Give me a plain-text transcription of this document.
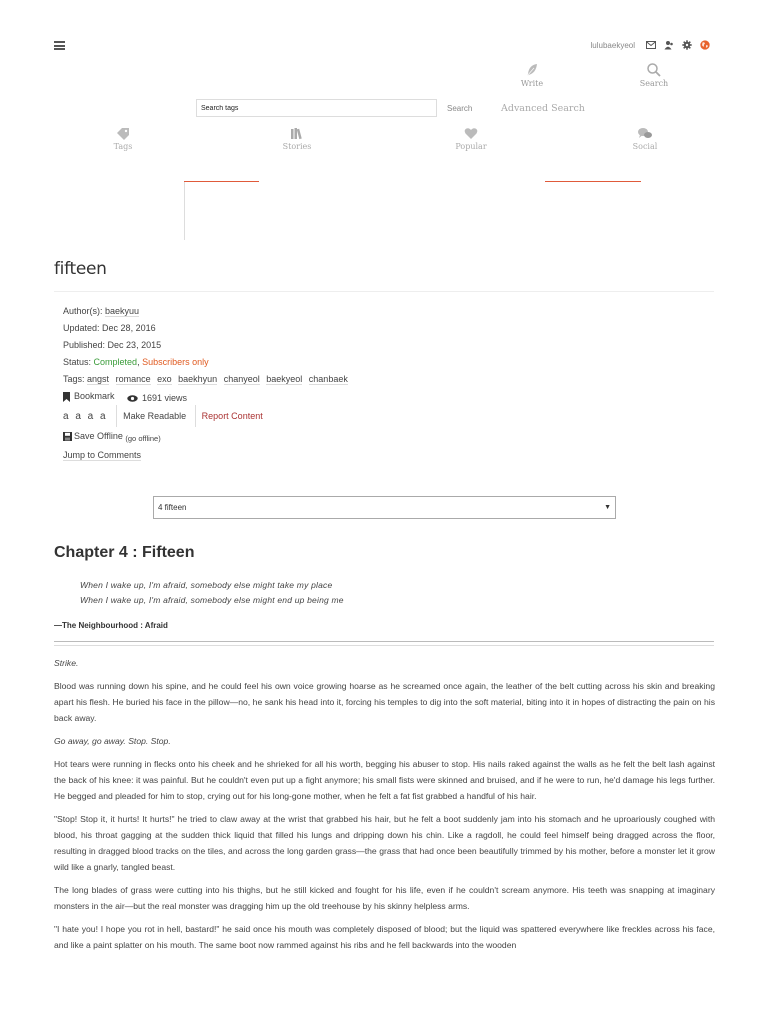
lulubaekyeol
Write	Search
Search tags
Search	Advanced Search
Tags	Stories	Popular	Social
fifteen
Author(s): baekyuu
Updated: Dec 28, 2016
Published: Dec 23, 2015
Status: Completed, Subscribers only
Tags: angst romance exo baekhyun chanyeol baekyeol chanbaek
Bookmark
	1691 views
a a a a Make Readable Report Content
Save Offline (go offline)
Jump to Comments
4 fifteen	▼
Chapter 4 : Fifteen
When I wake up, I'm afraid, somebody else might take my place
When I wake up, I'm afraid, somebody else might end up being me
—The Neighbourhood : Afraid

Strike.

Blood was running down his spine, and he could feel his own voice growing hoarse as he screamed once again, the leather of the belt cutting across his skin and breaking apart his flesh. He buried his face in the pillow—no, he sank his head into it, forcing his temples to dig into the soft material, biting into it in hopes of distracting the pain on his back away.

Go away, go away. Stop. Stop.

Hot tears were running in flecks onto his cheek and he shrieked for all his worth, begging his abuser to stop. His nails raked against the walls as he felt the belt lash against the back of his knee: it was painful. But he couldn't even put up a fight anymore; his small fists were skinned and bruised, and if he were to run, he'd damage his legs further. He begged and pleaded for him to stop, crying out for his long-gone mother, when he felt a fat fist grabbed a handful of his hair.

"Stop! Stop it, it hurts! It hurts!" he tried to claw away at the wrist that grabbed his hair, but he felt a boot suddenly jam into his stomach and he uproariously coughed with blood, his throat gagging at the sudden thick liquid that filled his lungs and dripping down his chin. Like a ragdoll, he could feel himself being dragged across the floor, resulting in dragged blood tracks on the tiles, and across the long garden grass—the grass that had once been beautifully trimmed by his mother, before a monster let it grow wild like a gnarly, tangled beast.

The long blades of grass were cutting into his thighs, but he still kicked and fought for his life, even if he couldn't scream anymore. His teeth was snapping at imaginary monsters in the air—but the real monster was dragging him up the old treehouse by his skinny helpless arms.

"I hate you! I hope you rot in hell, bastard!" he said once his mouth was completely disposed of blood; but the liquid was spattered everywhere like freckles across his face, and like a paint splatter on his mouth. The same boot now rammed against his ribs and he fell backwards into the wooden
